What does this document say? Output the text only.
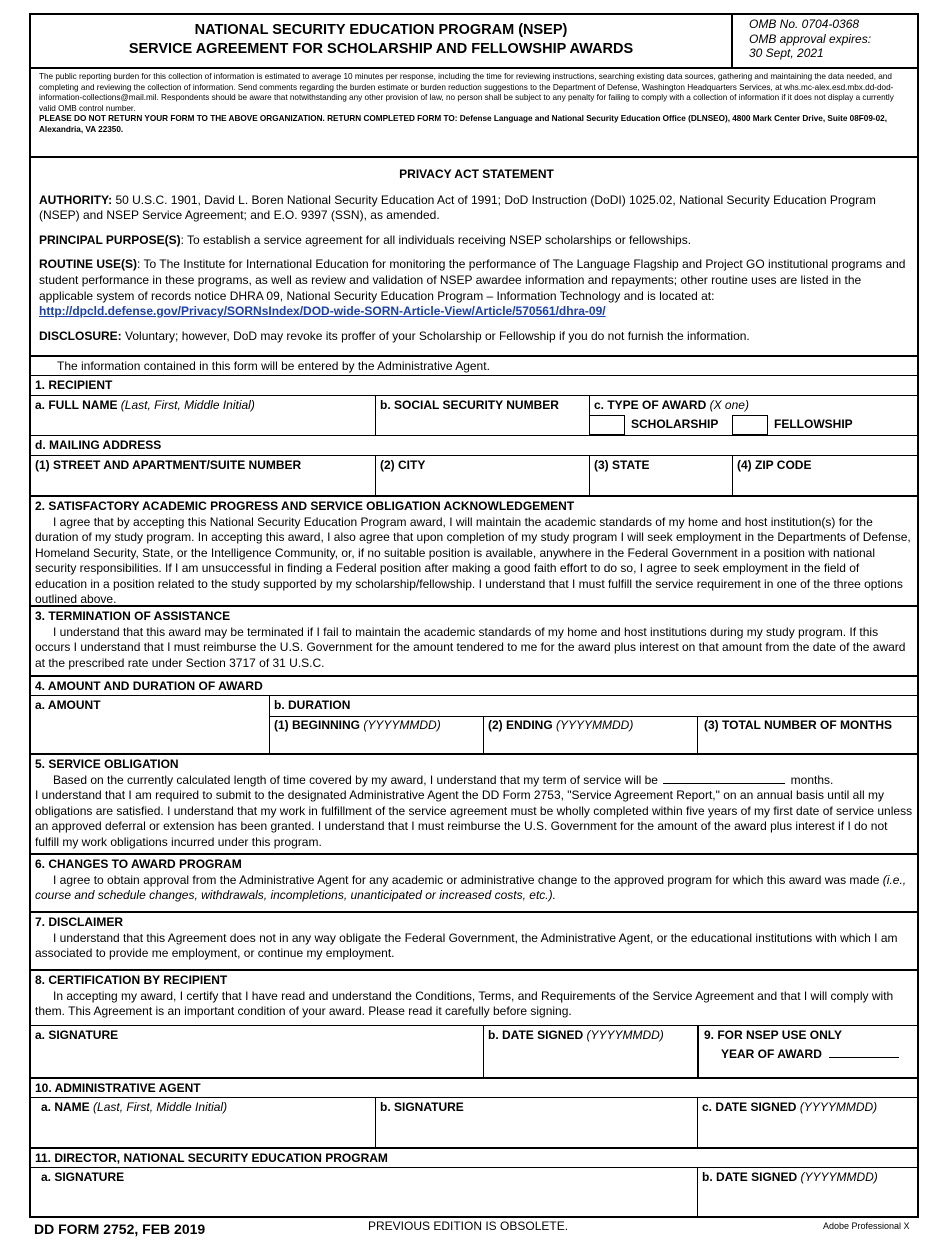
NATIONAL SECURITY EDUCATION PROGRAM (NSEP)
SERVICE AGREEMENT FOR SCHOLARSHIP AND FELLOWSHIP AWARDS
OMB No. 0704-0368
OMB approval expires:
30 Sept, 2021
The public reporting burden for this collection of information is estimated to average 10 minutes per response, including the time for reviewing instructions, searching existing data sources, gathering and maintaining the data needed, and completing and reviewing the collection of information. Send comments regarding the burden estimate or burden reduction suggestions to the Department of Defense, Washington Headquarters Services, at whs.mc-alex.esd.mbx.dd-dod-information-collections@mail.mil. Respondents should be aware that notwithstanding any other provision of law, no person shall be subject to any penalty for failing to comply with a collection of information if it does not display a currently valid OMB control number.
PLEASE DO NOT RETURN YOUR FORM TO THE ABOVE ORGANIZATION. RETURN COMPLETED FORM TO: Defense Language and National Security Education Office (DLNSEO), 4800 Mark Center Drive, Suite 08F09-02, Alexandria, VA 22350.

PRIVACY ACT STATEMENT

AUTHORITY: 50 U.S.C. 1901, David L. Boren National Security Education Act of 1991; DoD Instruction (DoDI) 1025.02, National Security Education Program (NSEP) and NSEP Service Agreement; and E.O. 9397 (SSN), as amended.

PRINCIPAL PURPOSE(S): To establish a service agreement for all individuals receiving NSEP scholarships or fellowships.

ROUTINE USE(S): To The Institute for International Education for monitoring the performance of The Language Flagship and Project GO institutional programs and student performance in these programs, as well as review and validation of NSEP awardee information and repayments; other routine uses are listed in the applicable system of records notice DHRA 09, National Security Education Program – Information Technology and is located at: http://dpcld.defense.gov/Privacy/SORNsIndex/DOD-wide-SORN-Article-View/Article/570561/dhra-09/

DISCLOSURE: Voluntary; however, DoD may revoke its proffer of your Scholarship or Fellowship if you do not furnish the information.

The information contained in this form will be entered by the Administrative Agent.
1. RECIPIENT
a. FULL NAME (Last, First, Middle Initial)	b. SOCIAL SECURITY NUMBER	c. TYPE OF AWARD (X one)
SCHOLARSHIP	FELLOWSHIP
d. MAILING ADDRESS
(1) STREET AND APARTMENT/SUITE NUMBER	(2) CITY	(3) STATE	(4) ZIP CODE
2. SATISFACTORY ACADEMIC PROGRESS AND SERVICE OBLIGATION ACKNOWLEDGEMENT

I agree that by accepting this National Security Education Program award, I will maintain the academic standards of my home and host institution(s) for the duration of my study program. In accepting this award, I also agree that upon completion of my study program I will seek employment in the Departments of Defense, Homeland Security, State, or the Intelligence Community, or, if no suitable position is available, anywhere in the Federal Government in a position with national security responsibilities. If I am unsuccessful in finding a Federal position after making a good faith effort to do so, I agree to seek employment in the field of education in a position related to the study supported by my scholarship/fellowship. I understand that I must fulfill the service requirement in one of the three options outlined above.

3. TERMINATION OF ASSISTANCE

I understand that this award may be terminated if I fail to maintain the academic standards of my home and host institutions during my study program. If this occurs I understand that I must reimburse the U.S. Government for the amount tendered to me for the award plus interest on that amount from the date of the award at the prescribed rate under Section 3717 of 31 U.S.C.

4. AMOUNT AND DURATION OF AWARD
a. AMOUNT	b. DURATION
(1) BEGINNING (YYYYMMDD)	(2) ENDING (YYYYMMDD)	(3) TOTAL NUMBER OF MONTHS
5. SERVICE OBLIGATION
Based on the currently calculated length of time covered by my award, I understand that my term of service will be	months.
I understand that I am required to submit to the designated Administrative Agent the DD Form 2753, "Service Agreement Report," on an annual basis until all my obligations are satisfied. I understand that my work in fulfillment of the service agreement must be wholly completed within five years of my first date of service unless an approved deferral or extension has been granted. I understand that I must reimburse the U.S. Government for the amount of the award plus interest if I do not fulfill my work obligations incurred under this program.
6. CHANGES TO AWARD PROGRAM

I agree to obtain approval from the Administrative Agent for any academic or administrative change to the approved program for which this award was made (i.e., course and schedule changes, withdrawals, incompletions, unanticipated or increased costs, etc.).

7. DISCLAIMER

I understand that this Agreement does not in any way obligate the Federal Government, the Administrative Agent, or the educational institutions with which I am associated to provide me employment, or continue my employment.

8. CERTIFICATION BY RECIPIENT

In accepting my award, I certify that I have read and understand the Conditions, Terms, and Requirements of the Service Agreement and that I will comply with them. This Agreement is an important condition of your award. Please read it carefully before signing.

a. SIGNATURE	b. DATE SIGNED (YYYYMMDD)	9. FOR NSEP USE ONLY
YEAR OF AWARD
10. ADMINISTRATIVE AGENT
a. NAME (Last, First, Middle Initial)	b. SIGNATURE	c. DATE SIGNED (YYYYMMDD)
11. DIRECTOR, NATIONAL SECURITY EDUCATION PROGRAM
a. SIGNATURE	b. DATE SIGNED (YYYYMMDD)
DD FORM 2752, FEB 2019	PREVIOUS EDITION IS OBSOLETE.	Adobe Professional X
